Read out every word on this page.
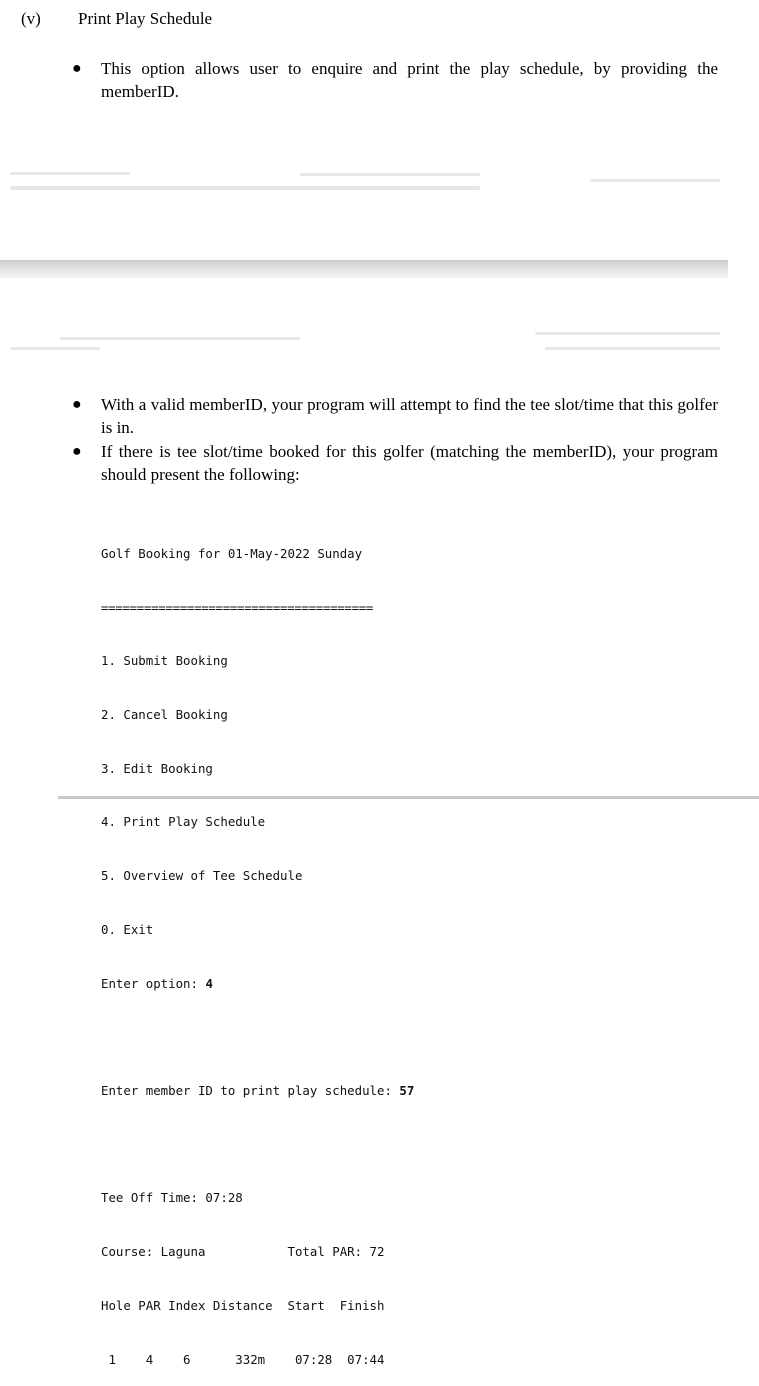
(v) Print Play Schedule
● This option allows user to enquire and print the play schedule, by providing the memberID.
● With a valid memberID, your program will attempt to find the tee slot/time that this golfer is in.
● If there is tee slot/time booked for this golfer (matching the memberID), your program should present the following:

Golf Booking for 01-May-2022 Sunday

======================================

1. Submit Booking

2. Cancel Booking

3. Edit Booking

4. Print Play Schedule

5. Overview of Tee Schedule

0. Exit

Enter option: 4

Enter member ID to print play schedule: 57

Tee Off Time: 07:28

Course: Laguna           Total PAR: 72

Hole PAR Index Distance  Start  Finish

1    4    6      332m    07:28  07:44
